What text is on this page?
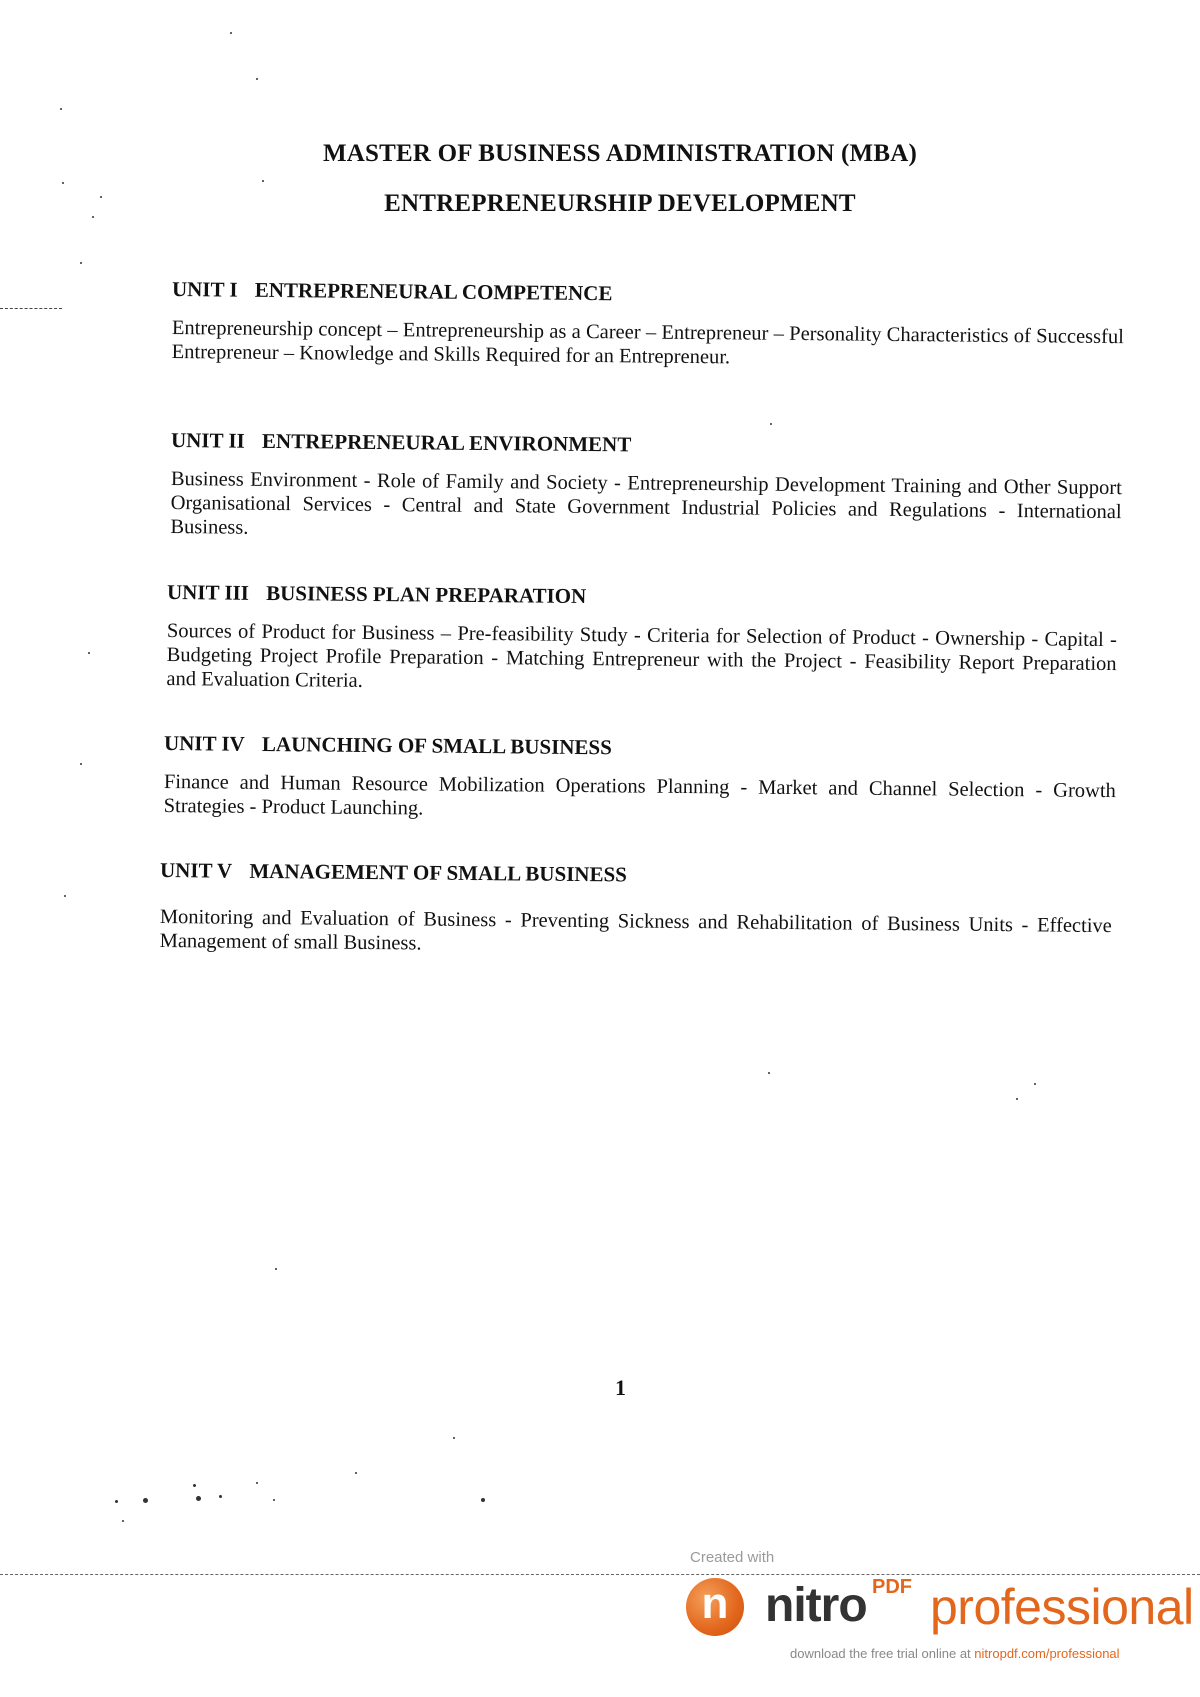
MASTER OF BUSINESS ADMINISTRATION (MBA)
ENTREPRENEURSHIP DEVELOPMENT
UNIT I ENTREPRENEURAL COMPETENCE
Entrepreneurship concept – Entrepreneurship as a Career – Entrepreneur – Personality Characteristics of Successful Entrepreneur – Knowledge and Skills Required for an Entrepreneur.
UNIT II ENTREPRENEURAL ENVIRONMENT
Business Environment - Role of Family and Society - Entrepreneurship Development Training and Other Support Organisational Services - Central and State Government Industrial Policies and Regulations - International Business.
UNIT III BUSINESS PLAN PREPARATION
Sources of Product for Business – Pre-feasibility Study - Criteria for Selection of Product - Ownership - Capital - Budgeting Project Profile Preparation - Matching Entrepreneur with the Project - Feasibility Report Preparation and Evaluation Criteria.
UNIT IV LAUNCHING OF SMALL BUSINESS
Finance and Human Resource Mobilization Operations Planning - Market and Channel Selection - Growth Strategies - Product Launching.
UNIT V MANAGEMENT OF SMALL BUSINESS
Monitoring and Evaluation of Business - Preventing Sickness and Rehabilitation of Business Units - Effective Management of small Business.
1
Created with
n nitro PDF professional
download the free trial online at nitropdf.com/professional
